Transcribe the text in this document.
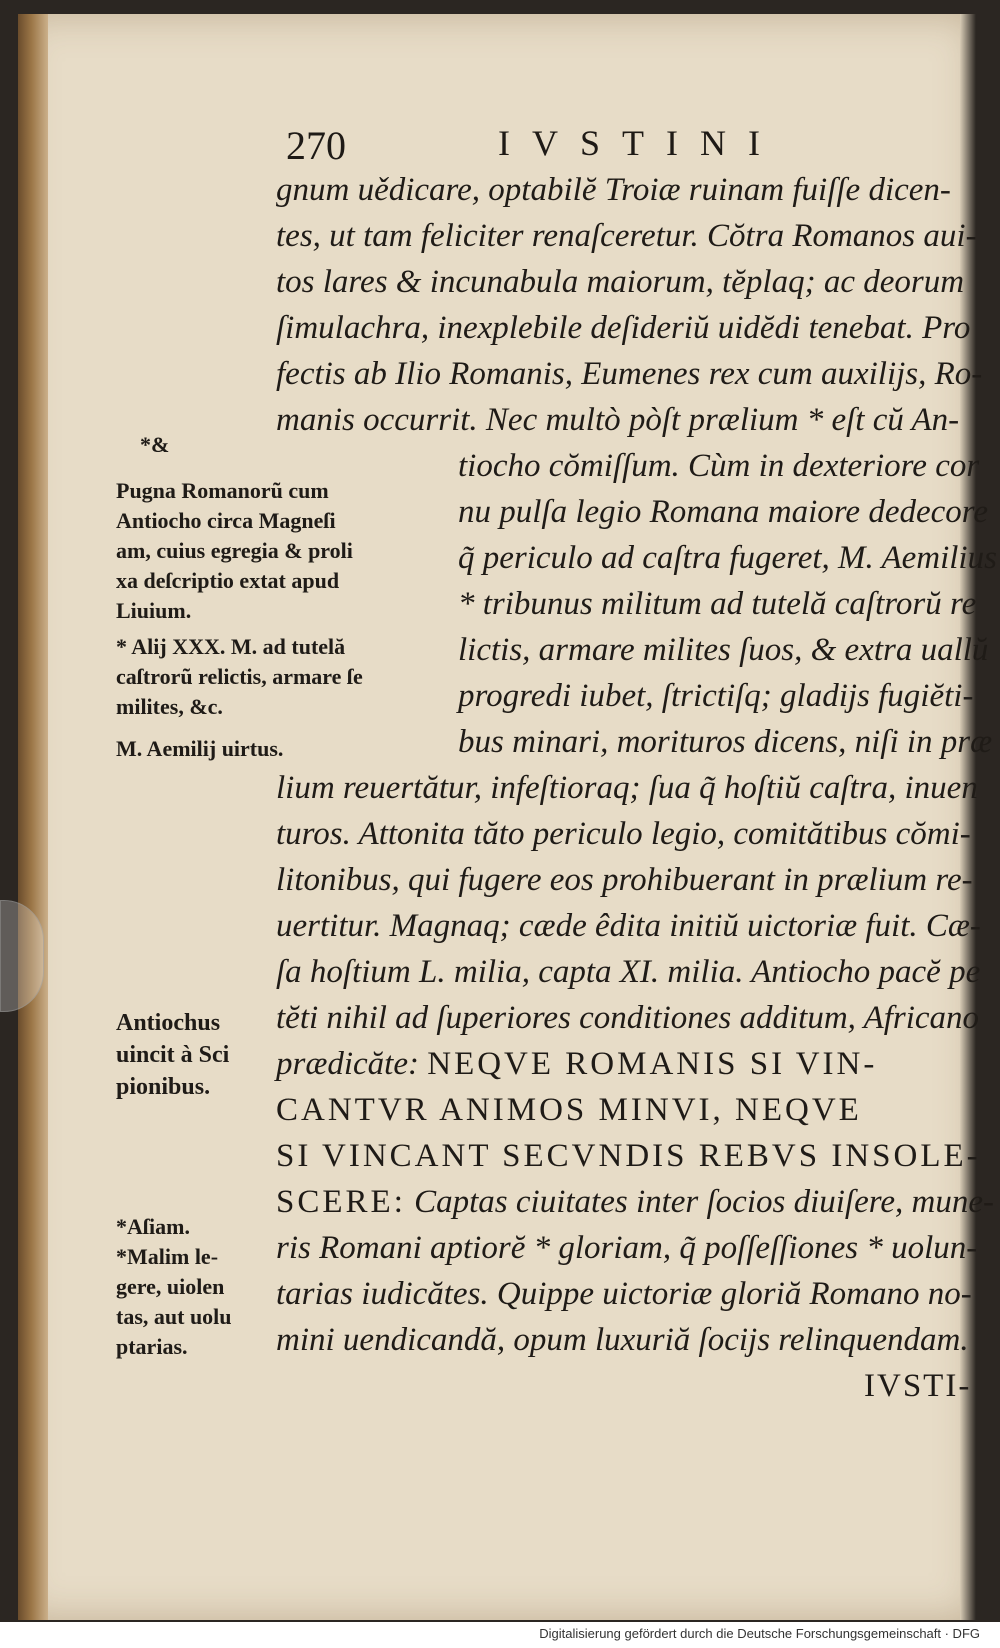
270	IVSTINI
gnum uědicare, optabilĕ Troiæ ruinam fuiſſe dicen-
tes, ut tam feliciter renaſceretur. Cŏtra Romanos aui-
tos lares & incunabula maiorum, tĕplaq; ac deorum
ſimulachra, inexplebile deſideriŭ uidĕdi tenebat. Pro
fectis ab Ilio Romanis, Eumenes rex cum auxilijs, Ro-
manis occurrit. Nec multò pòſt prælium * eſt cŭ An-
tiocho cŏmiſſum. Cùm in dexteriore cor
nu pulſa legio Romana maiore dedecore
q̃ periculo ad caſtra fugeret, M. Aemilius
* tribunus militum ad tutelă caſtrorŭ re
lictis, armare milites ſuos, & extra uallŭ
progredi iubet, ſtrictiſq; gladijs fugiĕti-
bus minari, morituros dicens, niſi in præ
lium reuertătur, infeſtioraq; ſua q̃ hoſtiŭ caſtra, inuen
turos. Attonita tăto periculo legio, comitătibus cŏmi-
litonibus, qui fugere eos prohibuerant in prælium re-
uertitur. Magnaq; cæde êdita initiŭ uictoriæ fuit. Cæ-
ſa hoſtium L. milia, capta XI. milia. Antiocho pacĕ pe
tĕti nihil ad ſuperiores conditiones additum, Africano
prædicăte: NEQVE ROMANIS SI VIN-
CANTVR ANIMOS MINVI, NEQVE
SI VINCANT SECVNDIS REBVS INSOLE-
SCERE: Captas ciuitates inter ſocios diuiſere, mune-
ris Romani aptiorĕ * gloriam, q̃ poſſeſſiones * uolun-
tarias iudicătes. Quippe uictoriæ gloriă Romano no-
mini uendicandă, opum luxuriă ſocijs relinquendam.
IVSTI-
*&
Pugna Romanorũ cum
Antiocho circa Magneſi
am, cuius egregia & proli
xa deſcriptio extat apud
Liuium.
* Alij XXX. M. ad tutelă
caſtrorũ relictis, armare ſe
milites, &c.
M. Aemilij uirtus.
Antiochus
uincit à Sci
pionibus.
*Aſiam.
*Malim le-
gere, uiolen
tas, aut uolu
ptarias.
Digitalisierung gefördert durch die Deutsche Forschungsgemeinschaft · DFG
